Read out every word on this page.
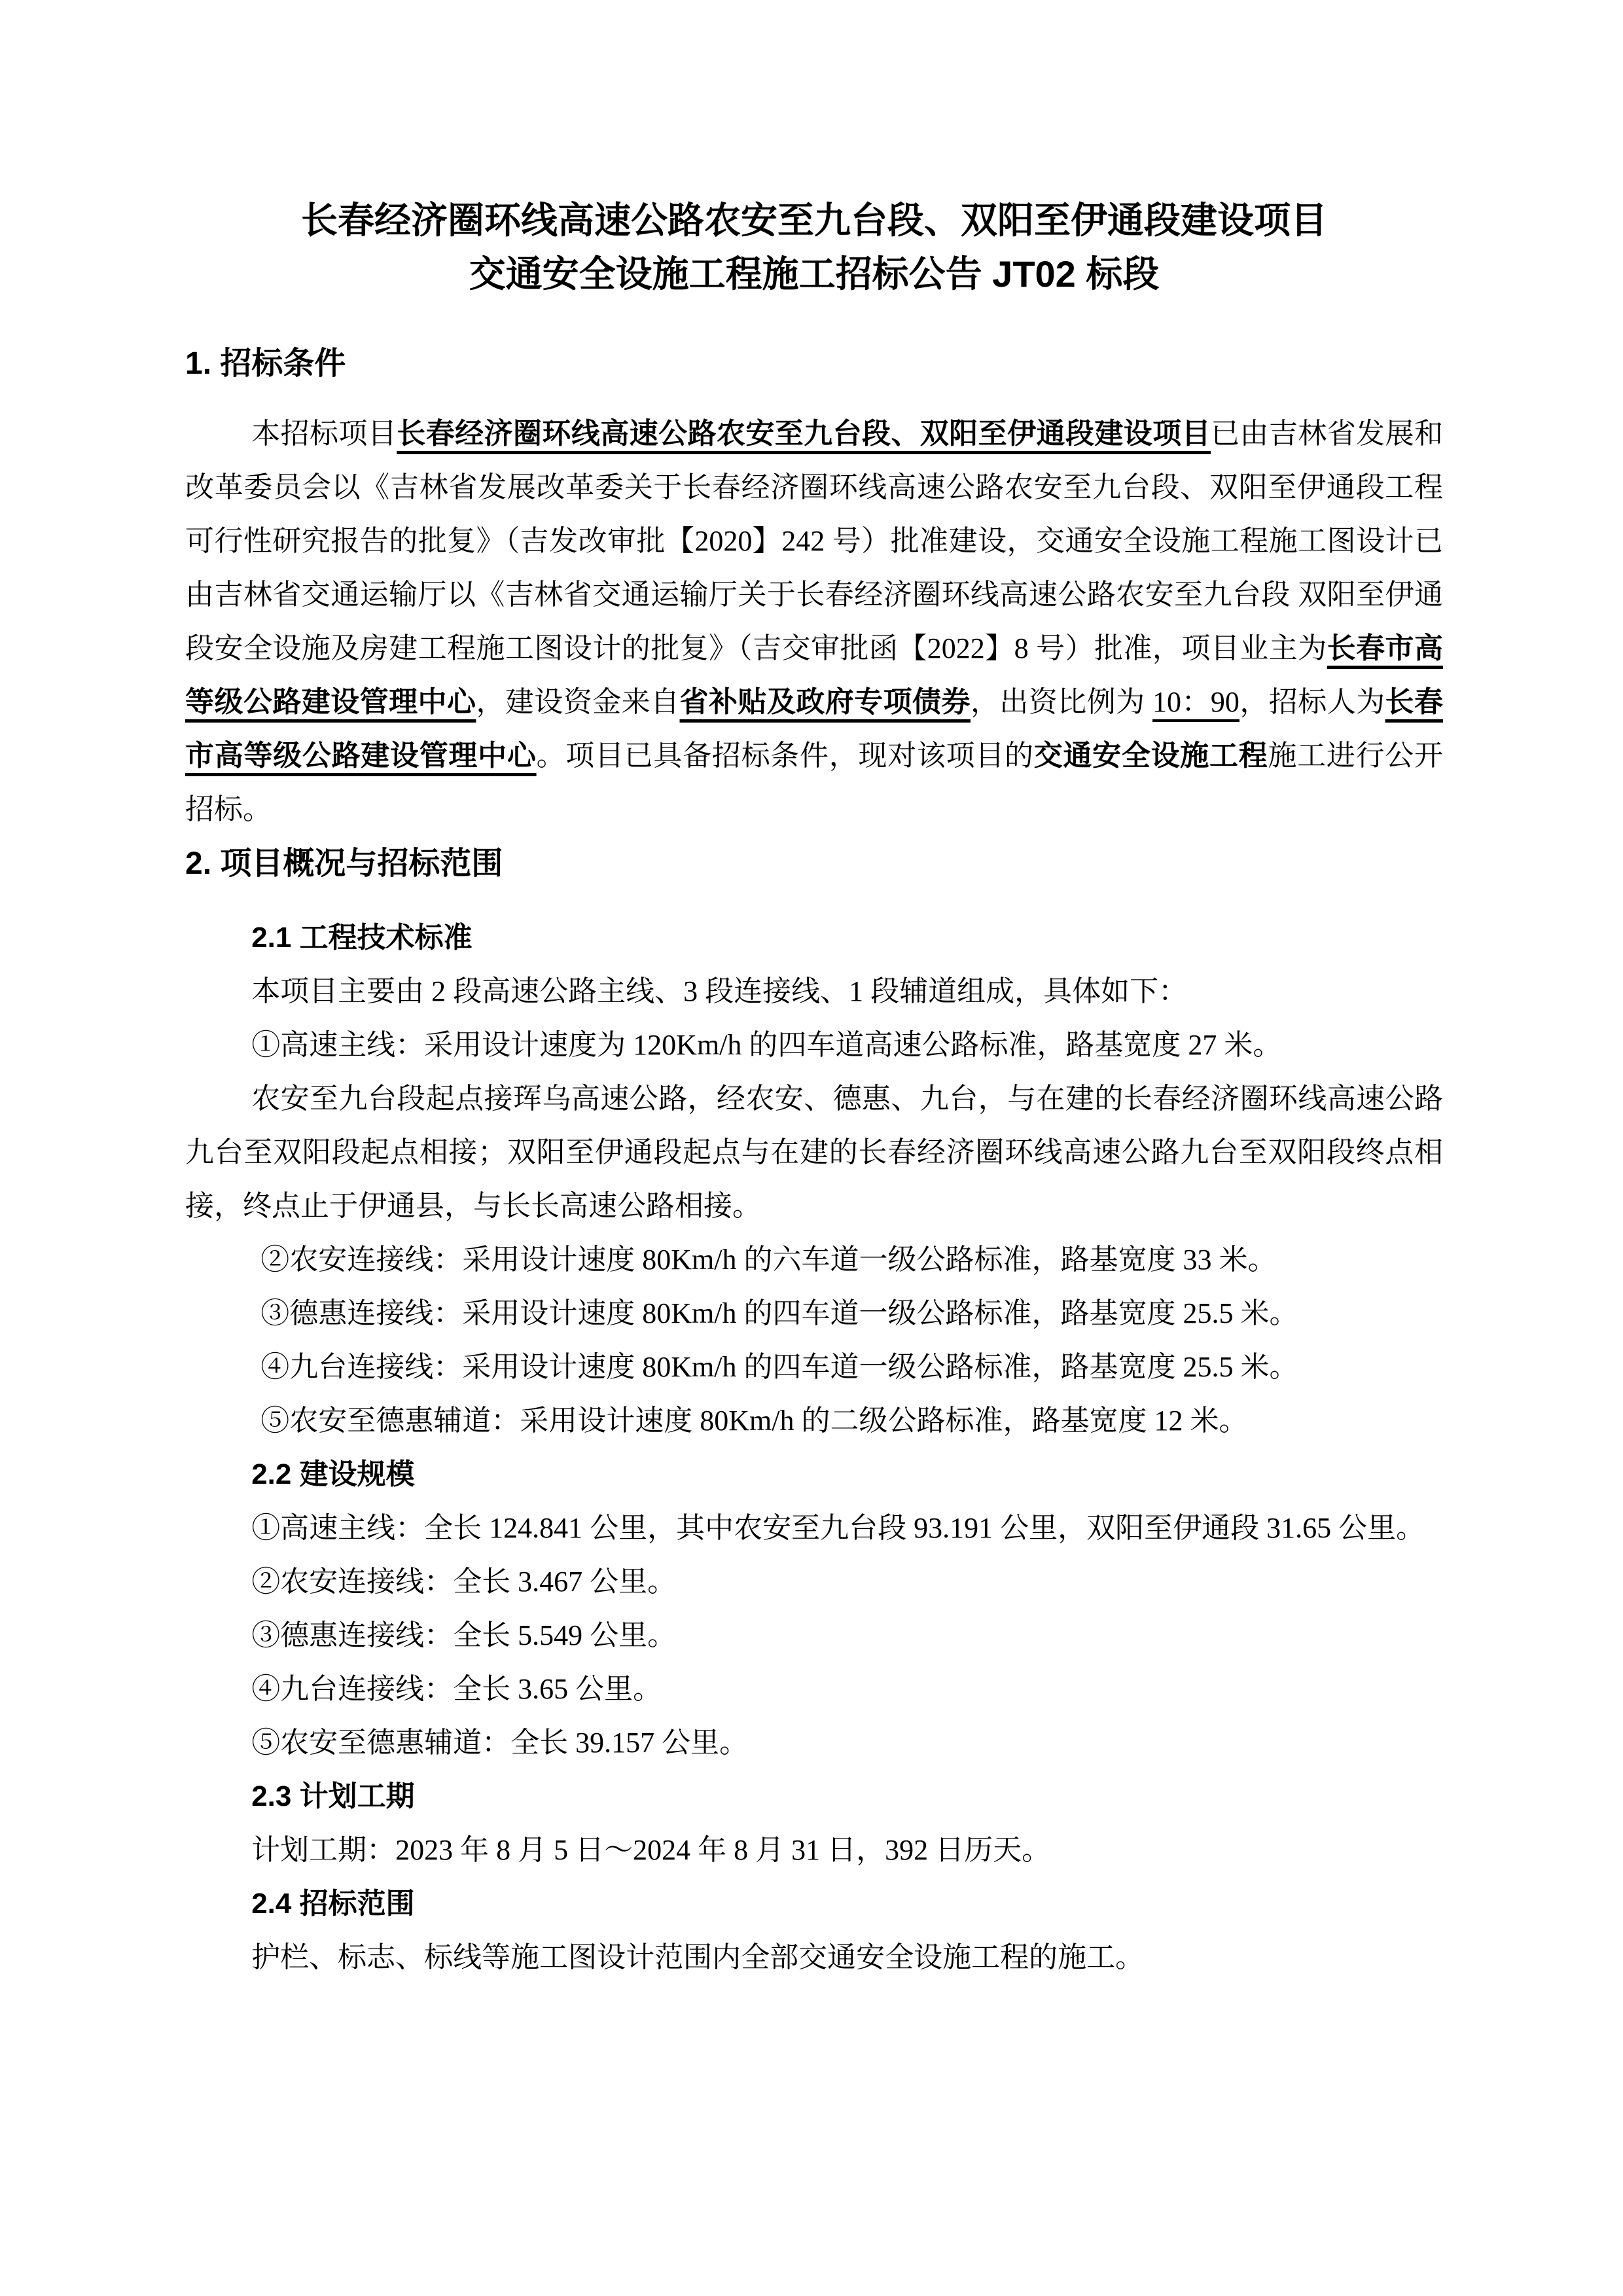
长春经济圈环线高速公路农安至九台段、双阳至伊通段建设项目
交通安全设施工程施工招标公告 JT02 标段
1. 招标条件

本招标项目长春经济圈环线高速公路农安至九台段、双阳至伊通段建设项目已由吉林省发展和改革委员会以《吉林省发展改革委关于长春经济圈环线高速公路农安至九台段、双阳至伊通段工程可行性研究报告的批复》（吉发改审批【2020】242 号）批准建设，交通安全设施工程施工图设计已由吉林省交通运输厅以《吉林省交通运输厅关于长春经济圈环线高速公路农安至九台段 双阳至伊通段安全设施及房建工程施工图设计的批复》（吉交审批函【2022】8 号）批准，项目业主为长春市高等级公路建设管理中心，建设资金来自省补贴及政府专项债券，出资比例为 10：90，招标人为长春市高等级公路建设管理中心。项目已具备招标条件，现对该项目的交通安全设施工程施工进行公开招标。

2. 项目概况与招标范围
2.1 工程技术标准

本项目主要由 2 段高速公路主线、3 段连接线、1 段辅道组成，具体如下：

①高速主线：采用设计速度为 120Km/h 的四车道高速公路标准，路基宽度 27 米。

农安至九台段起点接珲乌高速公路，经农安、德惠、九台，与在建的长春经济圈环线高速公路九台至双阳段起点相接；双阳至伊通段起点与在建的长春经济圈环线高速公路九台至双阳段终点相接，终点止于伊通县，与长长高速公路相接。

②农安连接线：采用设计速度 80Km/h 的六车道一级公路标准，路基宽度 33 米。

③德惠连接线：采用设计速度 80Km/h 的四车道一级公路标准，路基宽度 25.5 米。

④九台连接线：采用设计速度 80Km/h 的四车道一级公路标准，路基宽度 25.5 米。

⑤农安至德惠辅道：采用设计速度 80Km/h 的二级公路标准，路基宽度 12 米。

2.2 建设规模

①高速主线：全长 124.841 公里，其中农安至九台段 93.191 公里，双阳至伊通段 31.65 公里。

②农安连接线：全长 3.467 公里。

③德惠连接线：全长 5.549 公里。

④九台连接线：全长 3.65 公里。

⑤农安至德惠辅道：全长 39.157 公里。

2.3 计划工期

计划工期：2023 年 8 月 5 日～2024 年 8 月 31 日，392 日历天。

2.4 招标范围

护栏、标志、标线等施工图设计范围内全部交通安全设施工程的施工。
